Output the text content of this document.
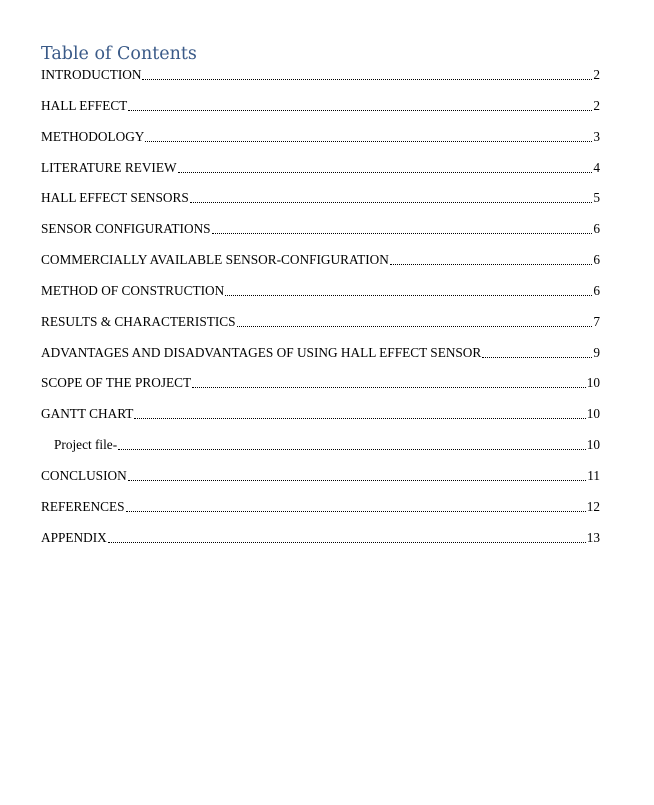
Table of Contents
INTRODUCTION	2
HALL EFFECT	2
METHODOLOGY	3
LITERATURE REVIEW	4
HALL EFFECT SENSORS	5
SENSOR CONFIGURATIONS	6
COMMERCIALLY AVAILABLE SENSOR-CONFIGURATION	6
METHOD OF CONSTRUCTION	6
RESULTS & CHARACTERISTICS	7
ADVANTAGES AND DISADVANTAGES OF USING HALL EFFECT SENSOR	9
SCOPE OF THE PROJECT	10
GANTT CHART	10
Project file-	10
CONCLUSION	11
REFERENCES	12
APPENDIX	13
